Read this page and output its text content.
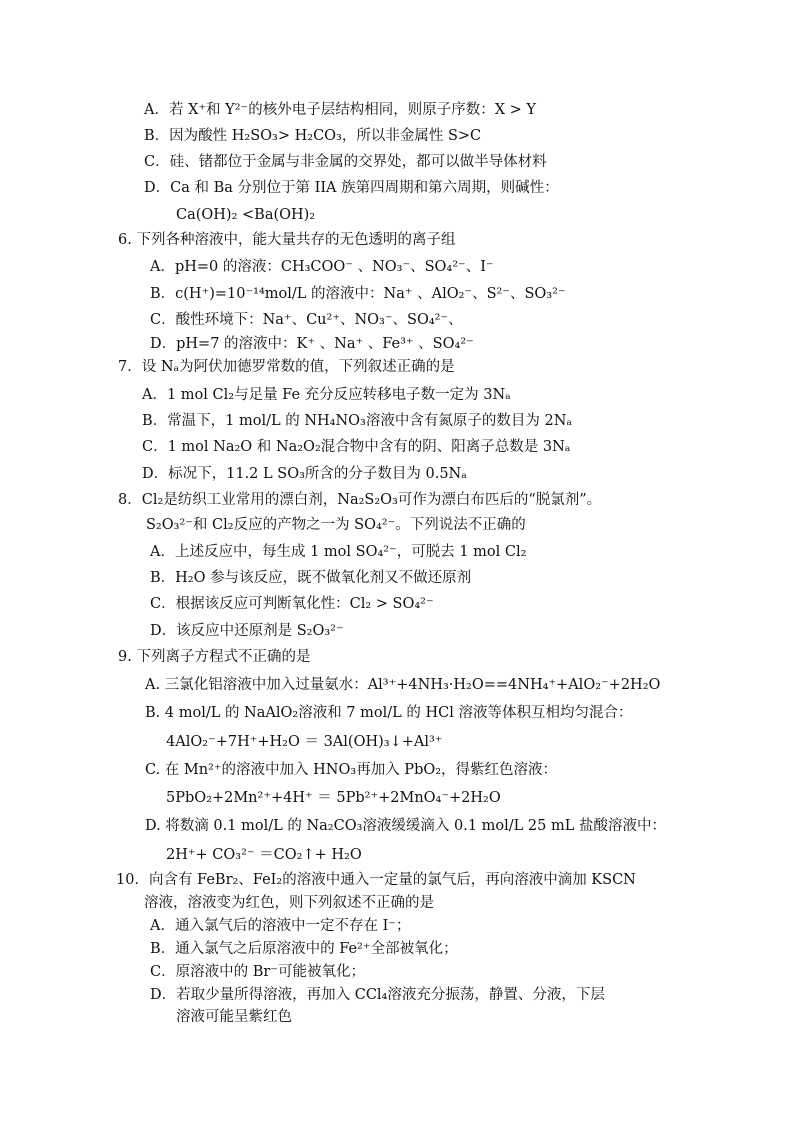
A．若 X⁺和 Y²⁻的核外电子层结构相同，则原子序数：X > Y
B．因为酸性 H₂SO₃> H₂CO₃，所以非金属性 S>C
C．硅、锗都位于金属与非金属的交界处，都可以做半导体材料
D．Ca 和 Ba 分别位于第 IIA 族第四周期和第六周期，则碱性：
Ca(OH)₂ <Ba(OH)₂
6. 下列各种溶液中，能大量共存的无色透明的离子组
A．pH=0 的溶液：CH₃COO⁻ 、NO₃⁻、SO₄²⁻、I⁻
B．c(H⁺)=10⁻¹⁴mol/L 的溶液中：Na⁺ 、AlO₂⁻、S²⁻、SO₃²⁻
C．酸性环境下：Na⁺、Cu²⁺、NO₃⁻、SO₄²⁻、
D．pH=7 的溶液中：K⁺ 、Na⁺ 、Fe³⁺ 、SO₄²⁻
7．设 Nₐ为阿伏加德罗常数的值，下列叙述正确的是
A．1 mol Cl₂与足量 Fe 充分反应转移电子数一定为 3Nₐ
B．常温下，1 mol/L 的 NH₄NO₃溶液中含有氮原子的数目为 2Nₐ
C．1 mol Na₂O 和 Na₂O₂混合物中含有的阴、阳离子总数是 3Nₐ
D．标况下，11.2 L SO₃所含的分子数目为 0.5Nₐ
8．Cl₂是纺织工业常用的漂白剂，Na₂S₂O₃可作为漂白布匹后的“脱氯剂”。
S₂O₃²⁻和 Cl₂反应的产物之一为 SO₄²⁻。下列说法不正确的
A．上述反应中，每生成 1 mol SO₄²⁻，可脱去 1 mol Cl₂
B．H₂O 参与该反应，既不做氧化剂又不做还原剂
C．根据该反应可判断氧化性：Cl₂ > SO₄²⁻
D．该反应中还原剂是 S₂O₃²⁻
9. 下列离子方程式不正确的是
A. 三氯化铝溶液中加入过量氨水：Al³⁺+4NH₃·H₂O==4NH₄⁺+AlO₂⁻+2H₂O
B. 4 mol/L 的 NaAlO₂溶液和 7 mol/L 的 HCl 溶液等体积互相均匀混合：
4AlO₂⁻+7H⁺+H₂O ＝ 3Al(OH)₃↓+Al³⁺
C. 在 Mn²⁺的溶液中加入 HNO₃再加入 PbO₂，得紫红色溶液：
5PbO₂+2Mn²⁺+4H⁺ ＝ 5Pb²⁺+2MnO₄⁻+2H₂O
D. 将数滴 0.1 mol/L 的 Na₂CO₃溶液缓缓滴入 0.1 mol/L 25 mL 盐酸溶液中：
2H⁺+ CO₃²⁻ ＝CO₂↑+ H₂O
10．向含有 FeBr₂、FeI₂的溶液中通入一定量的氯气后，再向溶液中滴加 KSCN
溶液，溶液变为红色，则下列叙述不正确的是
A．通入氯气后的溶液中一定不存在 I⁻；
B．通入氯气之后原溶液中的 Fe²⁺全部被氧化；
C．原溶液中的 Br⁻可能被氧化；
D．若取少量所得溶液，再加入 CCl₄溶液充分振荡，静置、分液，下层
溶液可能呈紫红色
